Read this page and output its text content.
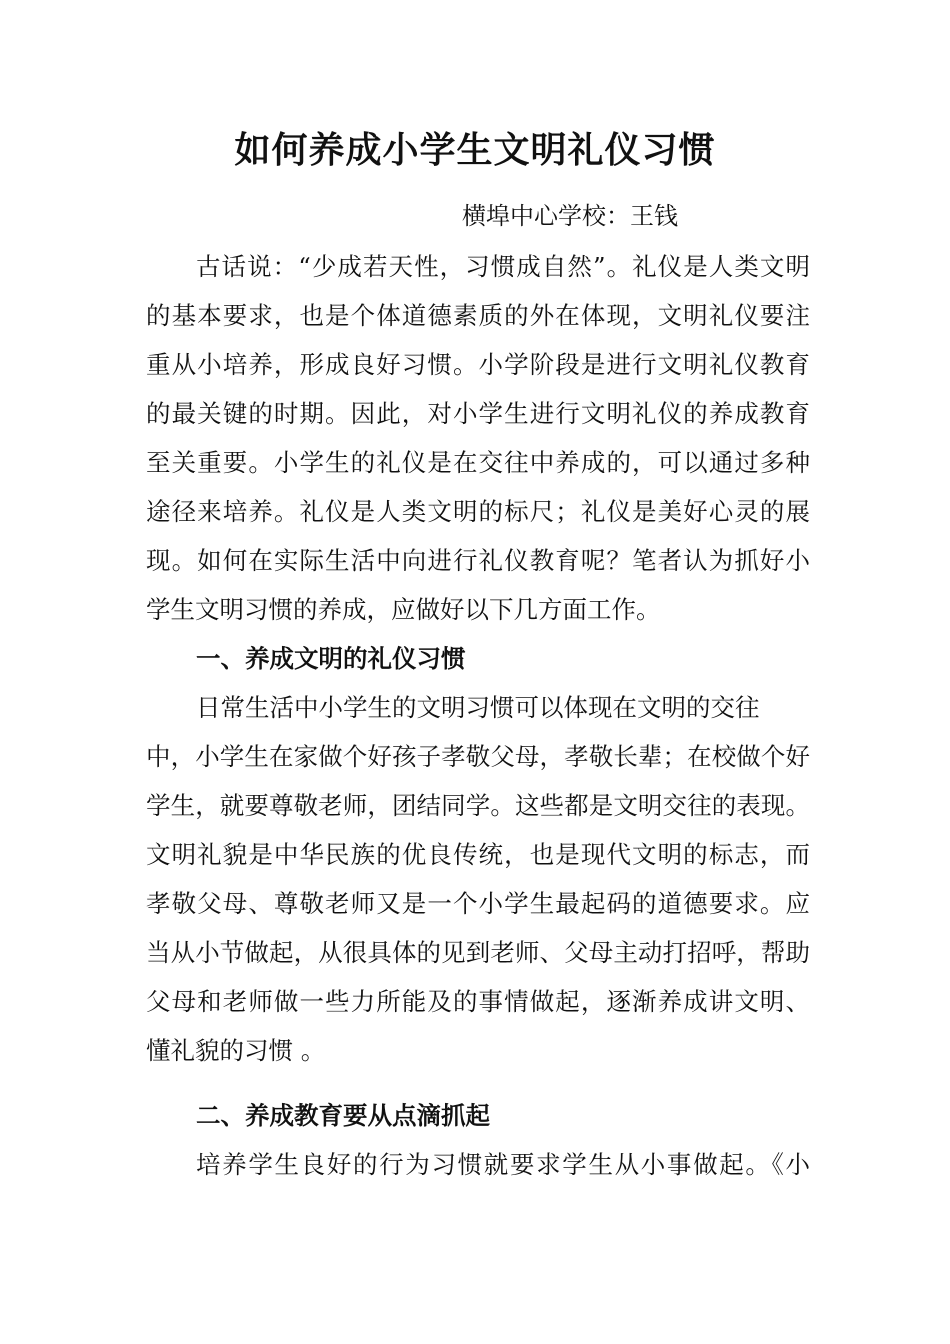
如何养成小学生文明礼仪习惯
横埠中心学校：王钱
古话说：“少成若天性，习惯成自然”。礼仪是人类文明
的基本要求，也是个体道德素质的外在体现，文明礼仪要注
重从小培养，形成良好习惯。小学阶段是进行文明礼仪教育
的最关键的时期。因此，对小学生进行文明礼仪的养成教育
至关重要。小学生的礼仪是在交往中养成的，可以通过多种
途径来培养。礼仪是人类文明的标尺；礼仪是美好心灵的展
现。如何在实际生活中向进行礼仪教育呢？笔者认为抓好小
学生文明习惯的养成，应做好以下几方面工作。
一、养成文明的礼仪习惯
日常生活中小学生的文明习惯可以体现在文明的交往
中，小学生在家做个好孩子孝敬父母，孝敬长辈；在校做个好
学生，就要尊敬老师，团结同学。这些都是文明交往的表现。
文明礼貌是中华民族的优良传统，也是现代文明的标志，而
孝敬父母、尊敬老师又是一个小学生最起码的道德要求。应
当从小节做起，从很具体的见到老师、父母主动打招呼，帮助
父母和老师做一些力所能及的事情做起，逐渐养成讲文明、
懂礼貌的习惯 。
二、养成教育要从点滴抓起
培养学生良好的行为习惯就要求学生从小事做起。《小
